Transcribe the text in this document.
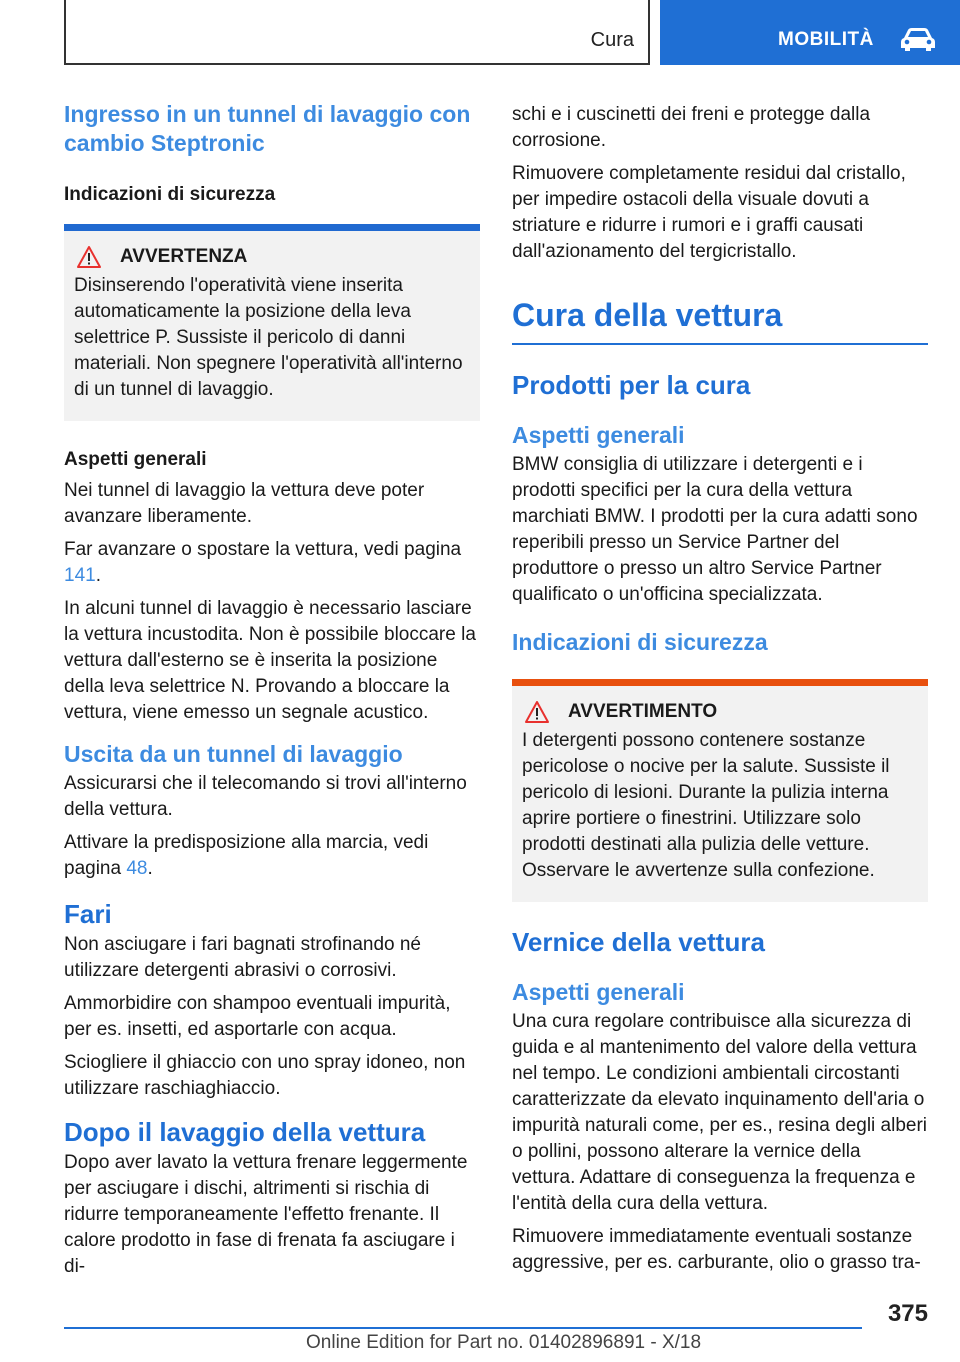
Cura	MOBILITÀ
Ingresso in un tunnel di lavaggio con cambio Steptronic
Indicazioni di sicurezza
AVVERTENZA

Disinserendo l'operatività viene inserita automaticamente la posizione della leva selettrice P. Sussiste il pericolo di danni materiali. Non spegnere l'operatività all'interno di un tunnel di lavaggio.

Aspetti generali

Nei tunnel di lavaggio la vettura deve poter avanzare liberamente.

Far avanzare o spostare la vettura, vedi pagina 141.

In alcuni tunnel di lavaggio è necessario lasciare la vettura incustodita. Non è possibile bloccare la vettura dall'esterno se è inserita la posizione della leva selettrice N. Provando a bloccare la vettura, viene emesso un segnale acustico.

Uscita da un tunnel di lavaggio

Assicurarsi che il telecomando si trovi all'interno della vettura.

Attivare la predisposizione alla marcia, vedi pagina 48.

Fari

Non asciugare i fari bagnati strofinando né utilizzare detergenti abrasivi o corrosivi.

Ammorbidire con shampoo eventuali impurità, per es. insetti, ed asportarle con acqua.

Sciogliere il ghiaccio con uno spray idoneo, non utilizzare raschiaghiaccio.

Dopo il lavaggio della vettura

Dopo aver lavato la vettura frenare leggermente per asciugare i dischi, altrimenti si rischia di ridurre temporaneamente l'effetto frenante. Il calore prodotto in fase di frenata fa asciugare i di-

schi e i cuscinetti dei freni e protegge dalla corrosione.

Rimuovere completamente residui dal cristallo, per impedire ostacoli della visuale dovuti a striature e ridurre i rumori e i graffi causati dall'azionamento del tergicristallo.

Cura della vettura
Prodotti per la cura
Aspetti generali

BMW consiglia di utilizzare i detergenti e i prodotti specifici per la cura della vettura marchiati BMW. I prodotti per la cura adatti sono reperibili presso un Service Partner del produttore o presso un altro Service Partner qualificato o un'officina specializzata.

Indicazioni di sicurezza
AVVERTIMENTO

I detergenti possono contenere sostanze pericolose o nocive per la salute. Sussiste il pericolo di lesioni. Durante la pulizia interna aprire portiere o finestrini. Utilizzare solo prodotti destinati alla pulizia delle vetture. Osservare le avvertenze sulla confezione.

Vernice della vettura
Aspetti generali

Una cura regolare contribuisce alla sicurezza di guida e al mantenimento del valore della vettura nel tempo. Le condizioni ambientali circostanti caratterizzate da elevato inquinamento dell'aria o impurità naturali come, per es., resina degli alberi o pollini, possono alterare la vernice della vettura. Adattare di conseguenza la frequenza e l'entità della cura della vettura.

Rimuovere immediatamente eventuali sostanze aggressive, per es. carburante, olio o grasso tra-

375
Online Edition for Part no. 01402896891 - X/18
